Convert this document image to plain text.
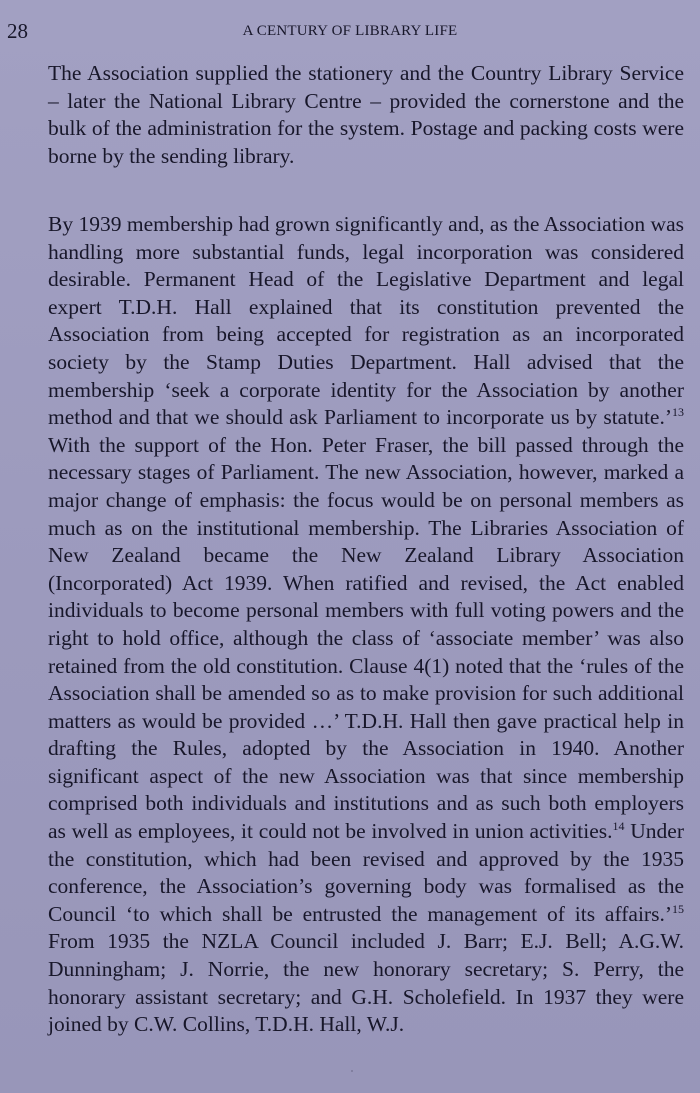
28	A CENTURY OF LIBRARY LIFE

The Association supplied the stationery and the Country Library Service – later the National Library Centre – provided the cornerstone and the bulk of the administration for the system. Postage and packing costs were borne by the sending library.

By 1939 membership had grown significantly and, as the Association was handling more substantial funds, legal incorporation was considered desirable. Permanent Head of the Legislative Department and legal expert T.D.H. Hall explained that its constitution prevented the Association from being accepted for registration as an incorporated society by the Stamp Duties Department. Hall advised that the membership ‘seek a corporate identity for the Association by another method and that we should ask Parliament to incorporate us by statute.’$^{13}$ With the support of the Hon. Peter Fraser, the bill passed through the necessary stages of Parliament. The new Association, however, marked a major change of emphasis: the focus would be on personal members as much as on the institutional membership. The Libraries Association of New Zealand became the New Zealand Library Association (Incorporated) Act 1939. When ratified and revised, the Act enabled individuals to become personal members with full voting powers and the right to hold office, although the class of ‘associate member’ was also retained from the old constitution. Clause 4(1) noted that the ‘rules of the Association shall be amended so as to make provision for such additional matters as would be provided …’ T.D.H. Hall then gave practical help in drafting the Rules, adopted by the Association in 1940. Another significant aspect of the new Association was that since membership comprised both individuals and institutions and as such both employers as well as employees, it could not be involved in union activities.$^{14}$ Under the constitution, which had been revised and approved by the 1935 conference, the Association’s governing body was formalised as the Council ‘to which shall be entrusted the management of its affairs.’$^{15}$ From 1935 the NZLA Council included J. Barr; E.J. Bell; A.G.W. Dunningham; J. Norrie, the new honorary secretary; S. Perry, the honorary assistant secretary; and G.H. Scholefield. In 1937 they were joined by C.W. Collins, T.D.H. Hall, W.J.
